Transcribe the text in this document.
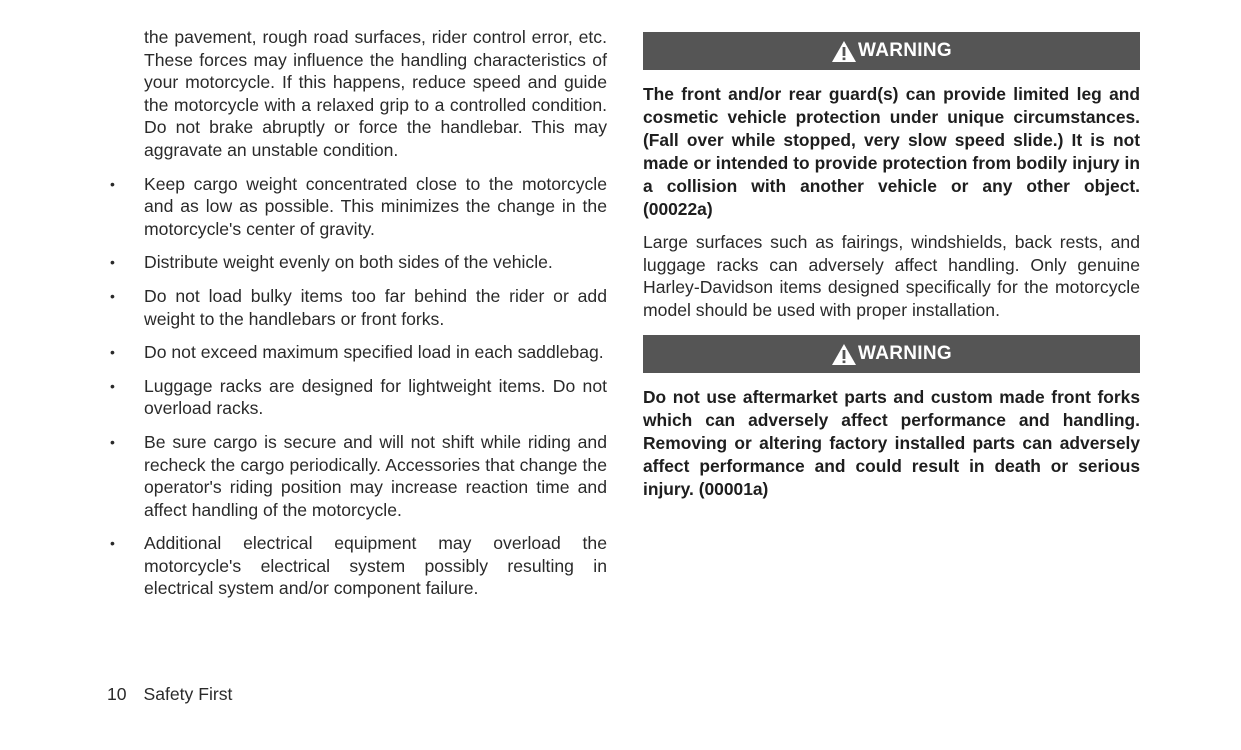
the pavement, rough road surfaces, rider control error, etc. These forces may influence the handling characteristics of your motorcycle. If this happens, reduce speed and guide the motorcycle with a relaxed grip to a controlled condition. Do not brake abruptly or force the handlebar. This may aggravate an unstable condition.

• Keep cargo weight concentrated close to the motorcycle and as low as possible. This minimizes the change in the motorcycle's center of gravity.
• Distribute weight evenly on both sides of the vehicle.
• Do not load bulky items too far behind the rider or add weight to the handlebars or front forks.
• Do not exceed maximum specified load in each saddlebag.
• Luggage racks are designed for lightweight items. Do not overload racks.
• Be sure cargo is secure and will not shift while riding and recheck the cargo periodically. Accessories that change the operator's riding position may increase reaction time and affect handling of the motorcycle.
• Additional electrical equipment may overload the motorcycle's electrical system possibly resulting in electrical system and/or component failure.
WARNING

The front and/or rear guard(s) can provide limited leg and cosmetic vehicle protection under unique circumstances. (Fall over while stopped, very slow speed slide.) It is not made or intended to provide protection from bodily injury in a collision with another vehicle or any other object. (00022a)

Large surfaces such as fairings, windshields, back rests, and luggage racks can adversely affect handling. Only genuine Harley-Davidson items designed specifically for the motorcycle model should be used with proper installation.

WARNING

Do not use aftermarket parts and custom made front forks which can adversely affect performance and handling. Removing or altering factory installed parts can adversely affect performance and could result in death or serious injury. (00001a)

10 Safety First
